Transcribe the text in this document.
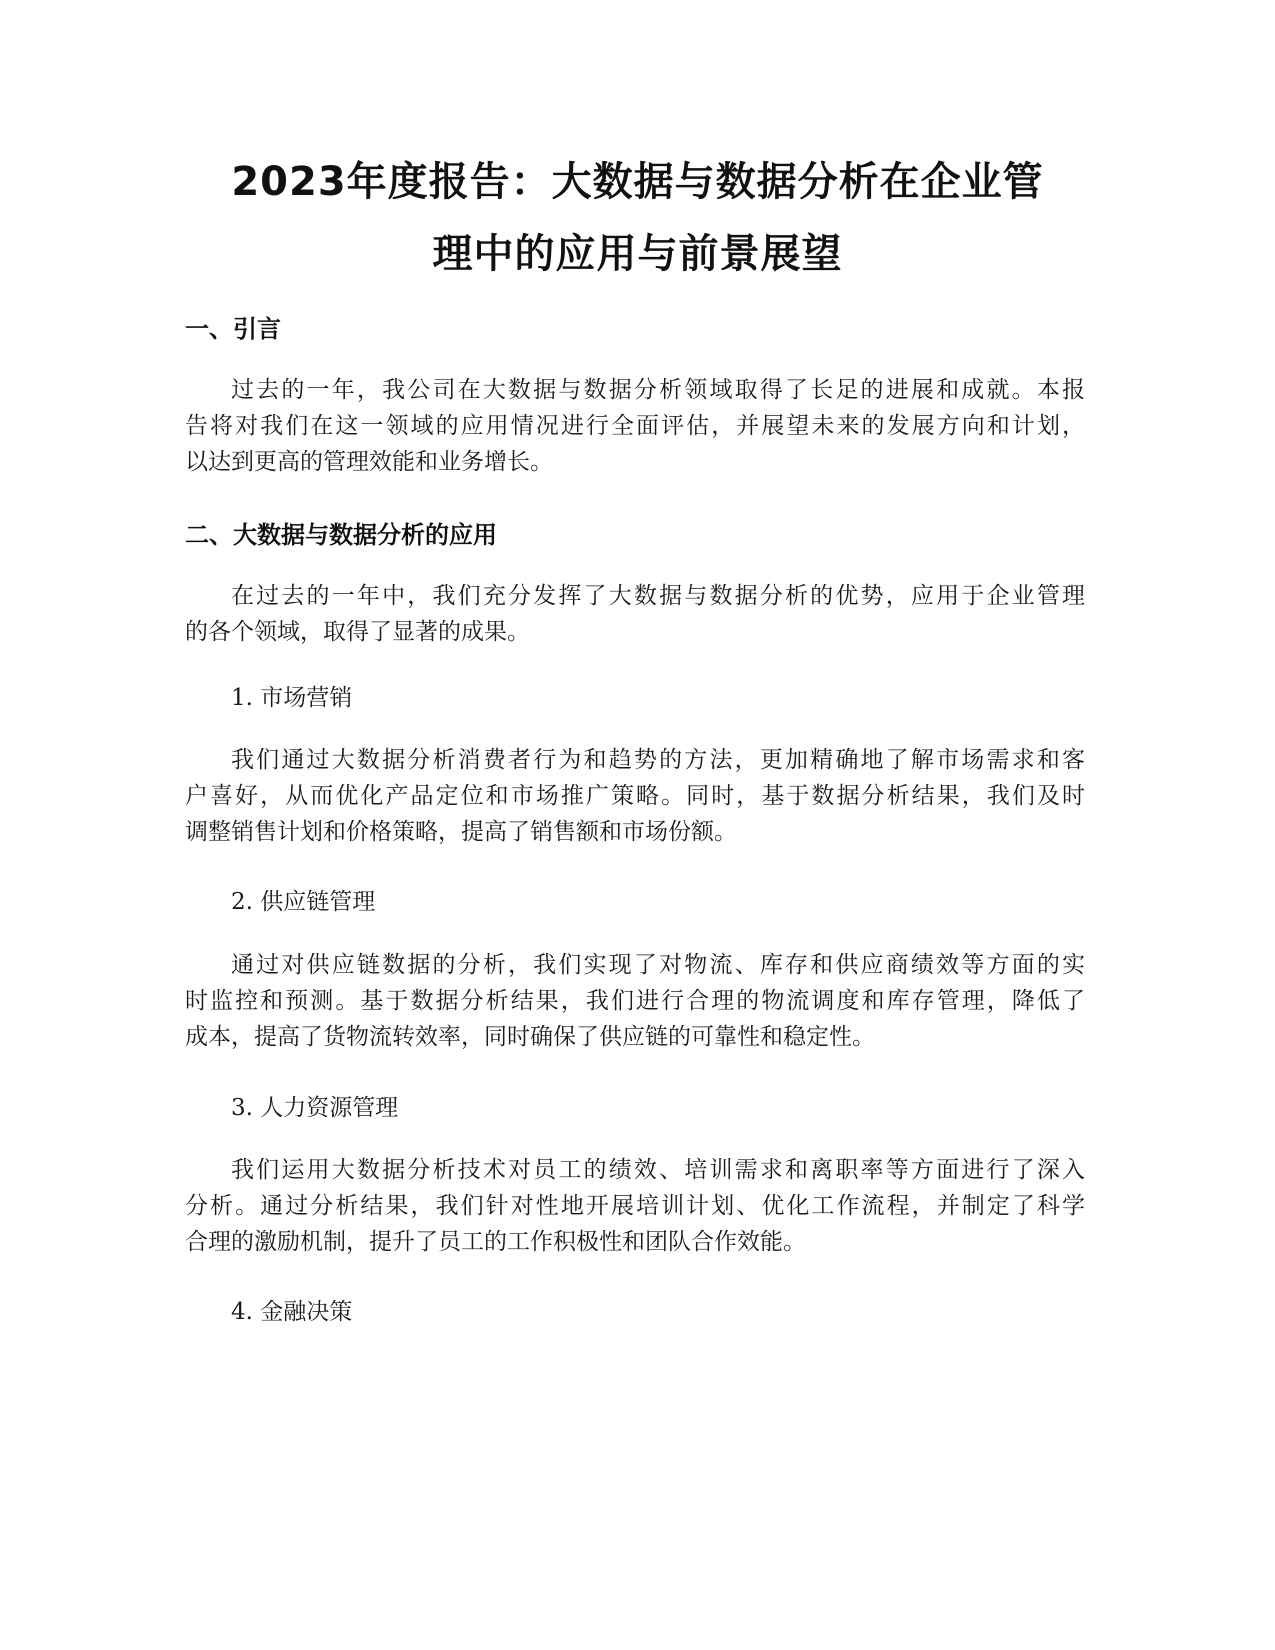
2023年度报告：大数据与数据分析在企业管
理中的应用与前景展望
一、引言
过去的一年，我公司在大数据与数据分析领域取得了长足的进展和成就。本报
告将对我们在这一领域的应用情况进行全面评估，并展望未来的发展方向和计划，
以达到更高的管理效能和业务增长。
二、大数据与数据分析的应用
在过去的一年中，我们充分发挥了大数据与数据分析的优势，应用于企业管理
的各个领域，取得了显著的成果。
1. 市场营销
我们通过大数据分析消费者行为和趋势的方法，更加精确地了解市场需求和客
户喜好，从而优化产品定位和市场推广策略。同时，基于数据分析结果，我们及时
调整销售计划和价格策略，提高了销售额和市场份额。
2. 供应链管理
通过对供应链数据的分析，我们实现了对物流、库存和供应商绩效等方面的实
时监控和预测。基于数据分析结果，我们进行合理的物流调度和库存管理，降低了
成本，提高了货物流转效率，同时确保了供应链的可靠性和稳定性。
3. 人力资源管理
我们运用大数据分析技术对员工的绩效、培训需求和离职率等方面进行了深入
分析。通过分析结果，我们针对性地开展培训计划、优化工作流程，并制定了科学
合理的激励机制，提升了员工的工作积极性和团队合作效能。
4. 金融决策
